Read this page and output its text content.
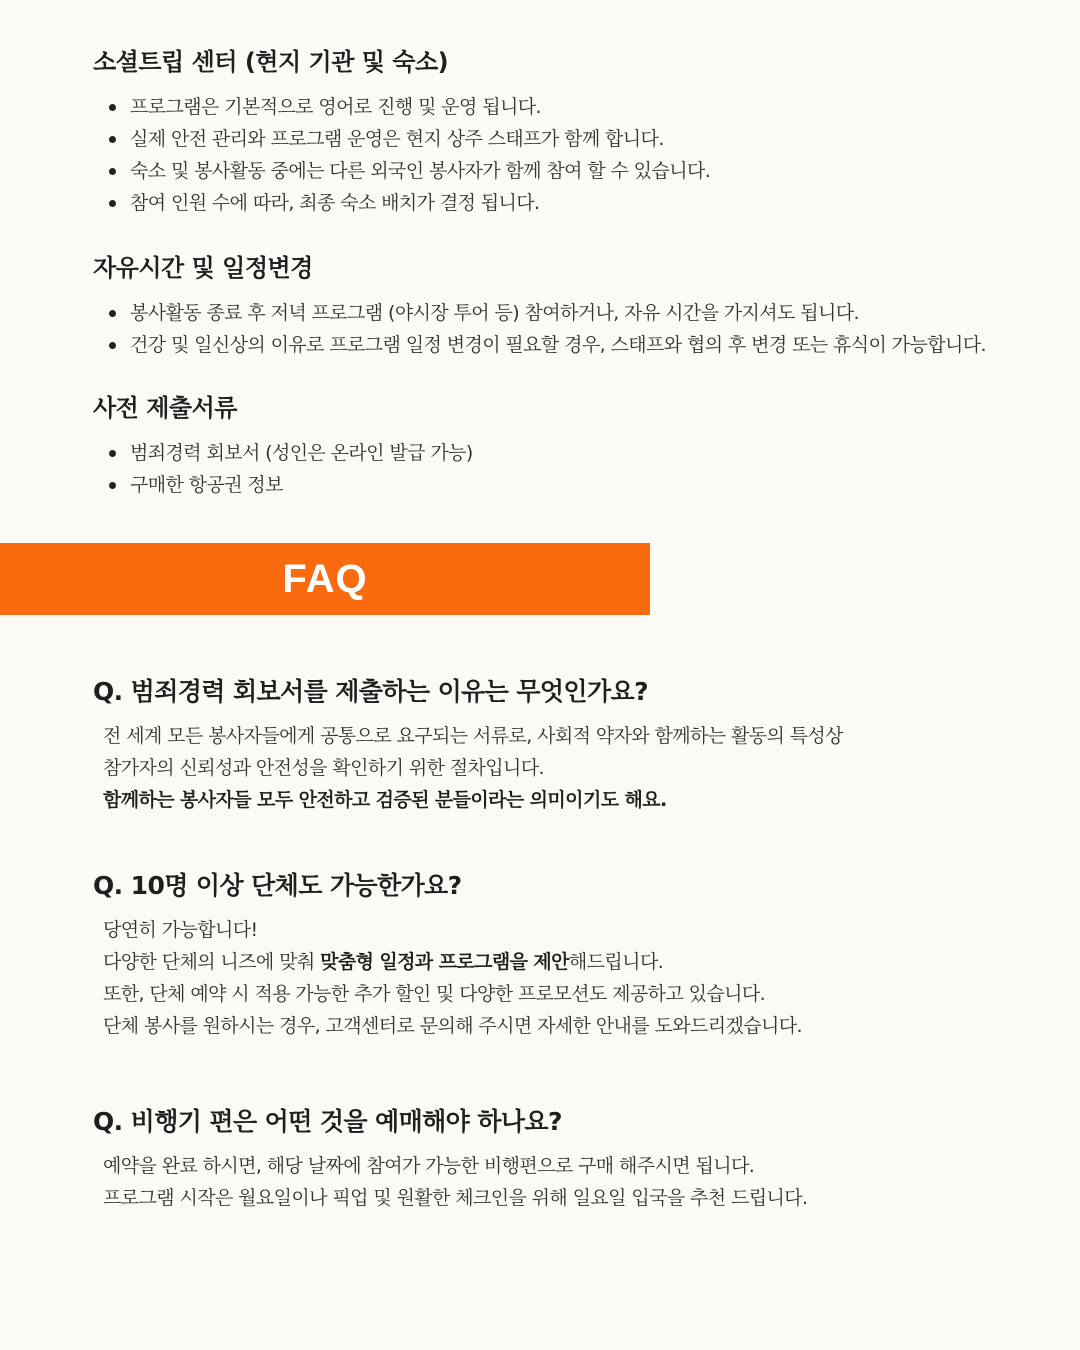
소셜트립 센터 (현지 기관 및 숙소)
프로그램은 기본적으로 영어로 진행 및 운영 됩니다.
실제 안전 관리와 프로그램 운영은 현지 상주 스태프가 함께 합니다.
숙소 및 봉사활동 중에는 다른 외국인 봉사자가 함께 참여 할 수 있습니다.
참여 인원 수에 따라, 최종 숙소 배치가 결정 됩니다.
자유시간 및 일정변경
봉사활동 종료 후 저녁 프로그램 (야시장 투어 등) 참여하거나, 자유 시간을 가지셔도 됩니다.
건강 및 일신상의 이유로 프로그램 일정 변경이 필요할 경우, 스태프와 협의 후 변경 또는 휴식이 가능합니다.
사전 제출서류
범죄경력 회보서 (성인은 온라인 발급 가능)
구매한 항공권 정보
FAQ
Q. 범죄경력 회보서를 제출하는 이유는 무엇인가요?
전 세계 모든 봉사자들에게 공통으로 요구되는 서류로, 사회적 약자와 함께하는 활동의 특성상
참가자의 신뢰성과 안전성을 확인하기 위한 절차입니다.
함께하는 봉사자들 모두 안전하고 검증된 분들이라는 의미이기도 해요.
Q. 10명 이상 단체도 가능한가요?
당연히 가능합니다!
다양한 단체의 니즈에 맞춰 맞춤형 일정과 프로그램을 제안해드립니다.
또한, 단체 예약 시 적용 가능한 추가 할인 및 다양한 프로모션도 제공하고 있습니다.
단체 봉사를 원하시는 경우, 고객센터로 문의해 주시면 자세한 안내를 도와드리겠습니다.
Q. 비행기 편은 어떤 것을 예매해야 하나요?
예약을 완료 하시면, 해당 날짜에 참여가 가능한 비행편으로 구매 해주시면 됩니다.
프로그램 시작은 월요일이나 픽업 및 원활한 체크인을 위해 일요일 입국을 추천 드립니다.
